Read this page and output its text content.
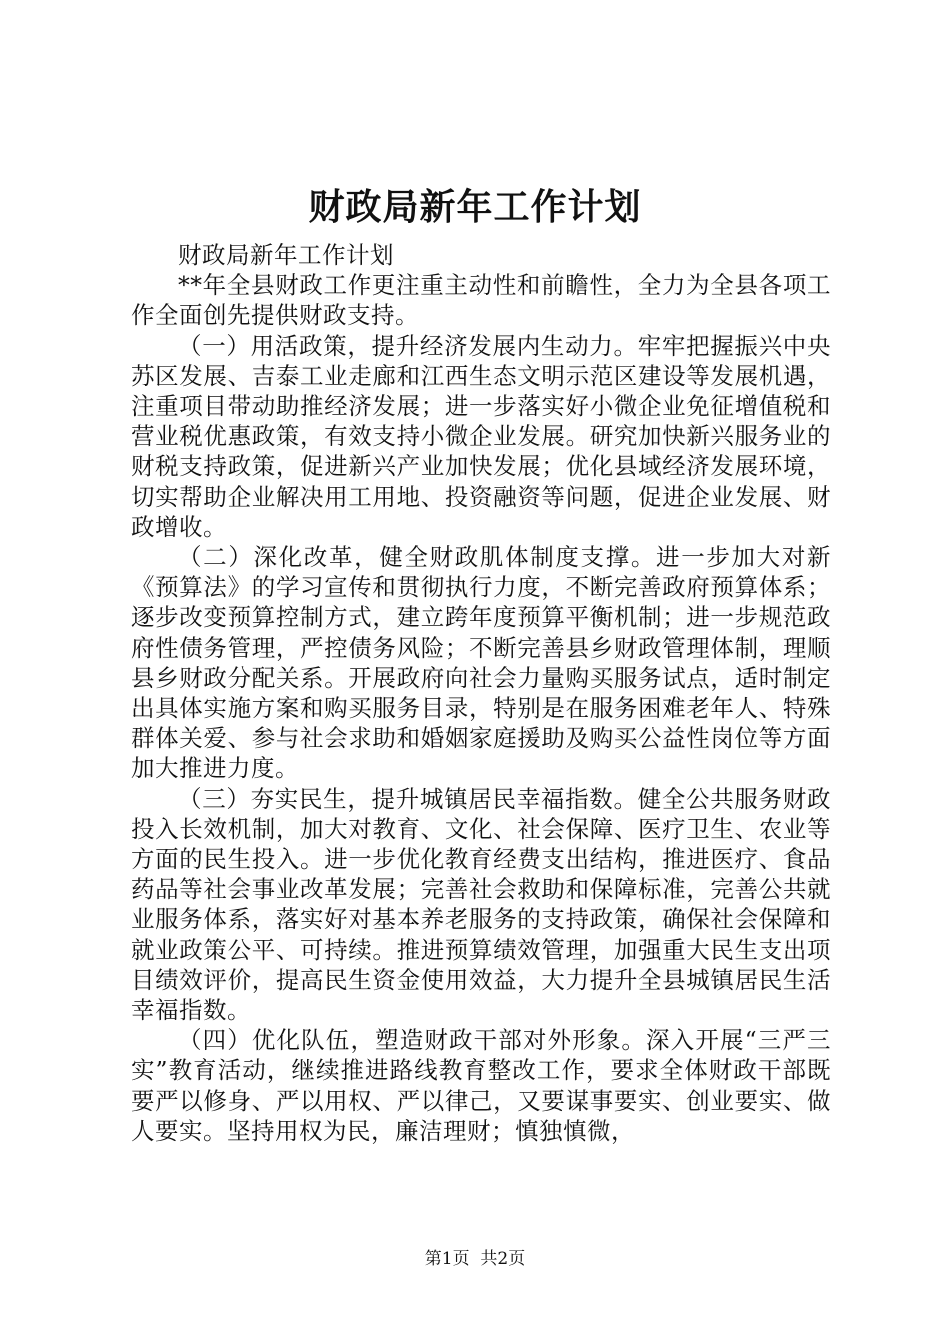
财政局新年工作计划

财政局新年工作计划

**年全县财政工作更注重主动性和前瞻性，全力为全县各项工作全面创先提供财政支持。

（一）用活政策，提升经济发展内生动力。牢牢把握振兴中央苏区发展、吉泰工业走廊和江西生态文明示范区建设等发展机遇，注重项目带动助推经济发展；进一步落实好小微企业免征增值税和营业税优惠政策，有效支持小微企业发展。研究加快新兴服务业的财税支持政策，促进新兴产业加快发展；优化县域经济发展环境，切实帮助企业解决用工用地、投资融资等问题，促进企业发展、财政增收。

（二）深化改革，健全财政肌体制度支撑。进一步加大对新《预算法》的学习宣传和贯彻执行力度，不断完善政府预算体系；逐步改变预算控制方式，建立跨年度预算平衡机制；进一步规范政府性债务管理，严控债务风险；不断完善县乡财政管理体制，理顺县乡财政分配关系。开展政府向社会力量购买服务试点，适时制定出具体实施方案和购买服务目录，特别是在服务困难老年人、特殊群体关爱、参与社会求助和婚姻家庭援助及购买公益性岗位等方面加大推进力度。

（三）夯实民生，提升城镇居民幸福指数。健全公共服务财政投入长效机制，加大对教育、文化、社会保障、医疗卫生、农业等方面的民生投入。进一步优化教育经费支出结构，推进医疗、食品药品等社会事业改革发展；完善社会救助和保障标准，完善公共就业服务体系，落实好对基本养老服务的支持政策，确保社会保障和就业政策公平、可持续。推进预算绩效管理，加强重大民生支出项目绩效评价，提高民生资金使用效益，大力提升全县城镇居民生活幸福指数。

（四）优化队伍，塑造财政干部对外形象。深入开展“三严三实”教育活动，继续推进路线教育整改工作，要求全体财政干部既要严以修身、严以用权、严以律己，又要谋事要实、创业要实、做人要实。坚持用权为民，廉洁理财；慎独慎微，

第1页  共2页
